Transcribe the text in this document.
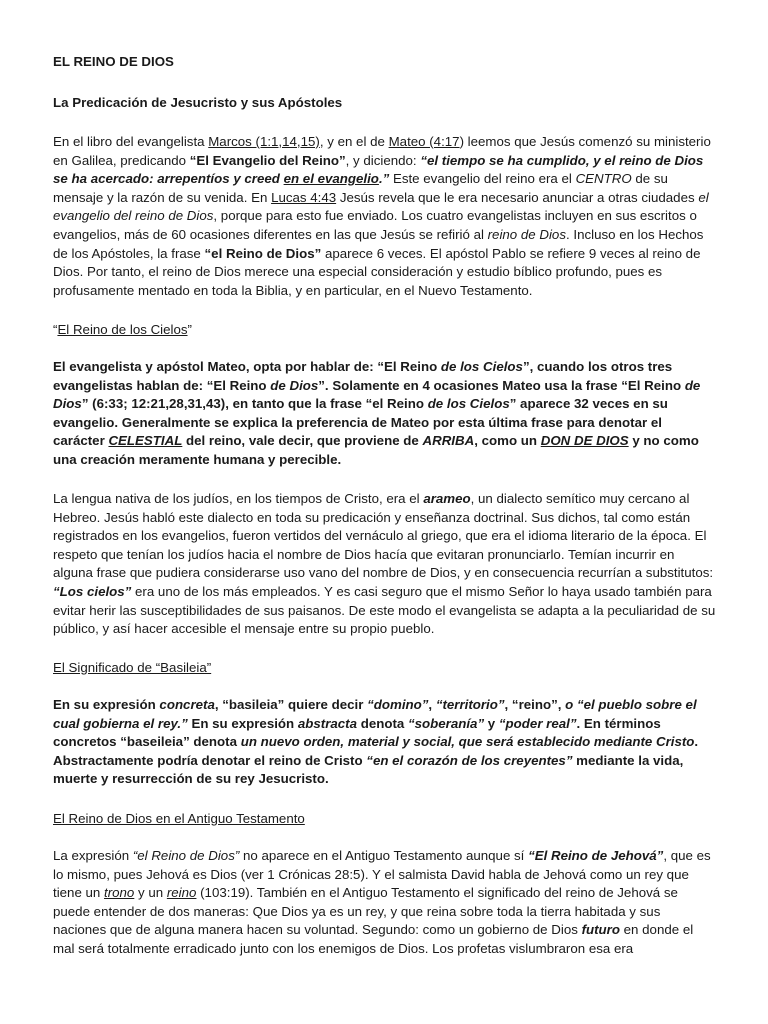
EL REINO DE DIOS

La Predicación de Jesucristo y sus Apóstoles

En el libro del evangelista Marcos (1:1,14,15), y en el de Mateo (4:17) leemos que Jesús comenzó su ministerio en Galilea, predicando “El Evangelio del Reino”, y diciendo: “el tiempo se ha cumplido, y el reino de Dios se ha acercado: arrepentíos y creed en el evangelio.” Este evangelio del reino era el CENTRO de su mensaje y la razón de su venida. En Lucas 4:43 Jesús revela que le era necesario anunciar a otras ciudades el evangelio del reino de Dios, porque para esto fue enviado. Los cuatro evangelistas incluyen en sus escritos o evangelios, más de 60 ocasiones diferentes en las que Jesús se refirió al reino de Dios. Incluso en los Hechos de los Apóstoles, la frase “el Reino de Dios” aparece 6 veces. El apóstol Pablo se refiere 9 veces al reino de Dios. Por tanto, el reino de Dios merece una especial consideración y estudio bíblico profundo, pues es profusamente mentado en toda la Biblia, y en particular, en el Nuevo Testamento.

“El Reino de los Cielos”

El evangelista y apóstol Mateo, opta por hablar de: “El Reino de los Cielos”, cuando los otros tres evangelistas hablan de: “El Reino de Dios”. Solamente en 4 ocasiones Mateo usa la frase “El Reino de Dios” (6:33; 12:21,28,31,43), en tanto que la frase “el Reino de los Cielos” aparece 32 veces en su evangelio. Generalmente se explica la preferencia de Mateo por esta última frase para denotar el carácter CELESTIAL del reino, vale decir, que proviene de ARRIBA, como un DON DE DIOS y no como una creación meramente humana y perecible.

La lengua nativa de los judíos, en los tiempos de Cristo, era el arameo, un dialecto semítico muy cercano al Hebreo. Jesús habló este dialecto en toda su predicación y enseñanza doctrinal. Sus dichos, tal como están registrados en los evangelios, fueron vertidos del vernáculo al griego, que era el idioma literario de la época. El respeto que tenían los judíos hacia el nombre de Dios hacía que evitaran pronunciarlo. Temían incurrir en alguna frase que pudiera considerarse uso vano del nombre de Dios, y en consecuencia recurrían a substitutos: “Los cielos” era uno de los más empleados. Y es casi seguro que el mismo Señor lo haya usado también para evitar herir las susceptibilidades de sus paisanos. De este modo el evangelista se adapta a la peculiaridad de su público, y así hacer accesible el mensaje entre su propio pueblo.

El Significado de “Basileia”

En su expresión concreta, “basileia” quiere decir “domino”, “territorio”, “reino”, o “el pueblo sobre el cual gobierna el rey.” En su expresión abstracta denota “soberanía” y “poder real”. En términos concretos “baseileia” denota un nuevo orden, material y social, que será establecido mediante Cristo. Abstractamente podría denotar el reino de Cristo “en el corazón de los creyentes” mediante la vida, muerte y resurrección de su rey Jesucristo.

El Reino de Dios en el Antiguo Testamento

La expresión “el Reino de Dios” no aparece en el Antiguo Testamento aunque sí “El Reino de Jehová”, que es lo mismo, pues Jehová es Dios (ver 1 Crónicas 28:5). Y el salmista David habla de Jehová como un rey que tiene un trono y un reino (103:19). También en el Antiguo Testamento el significado del reino de Jehová se puede entender de dos maneras: Que Dios ya es un rey, y que reina sobre toda la tierra habitada y sus naciones que de alguna manera hacen su voluntad. Segundo: como un gobierno de Dios futuro en donde el mal será totalmente erradicado junto con los enemigos de Dios. Los profetas vislumbraron esa era
